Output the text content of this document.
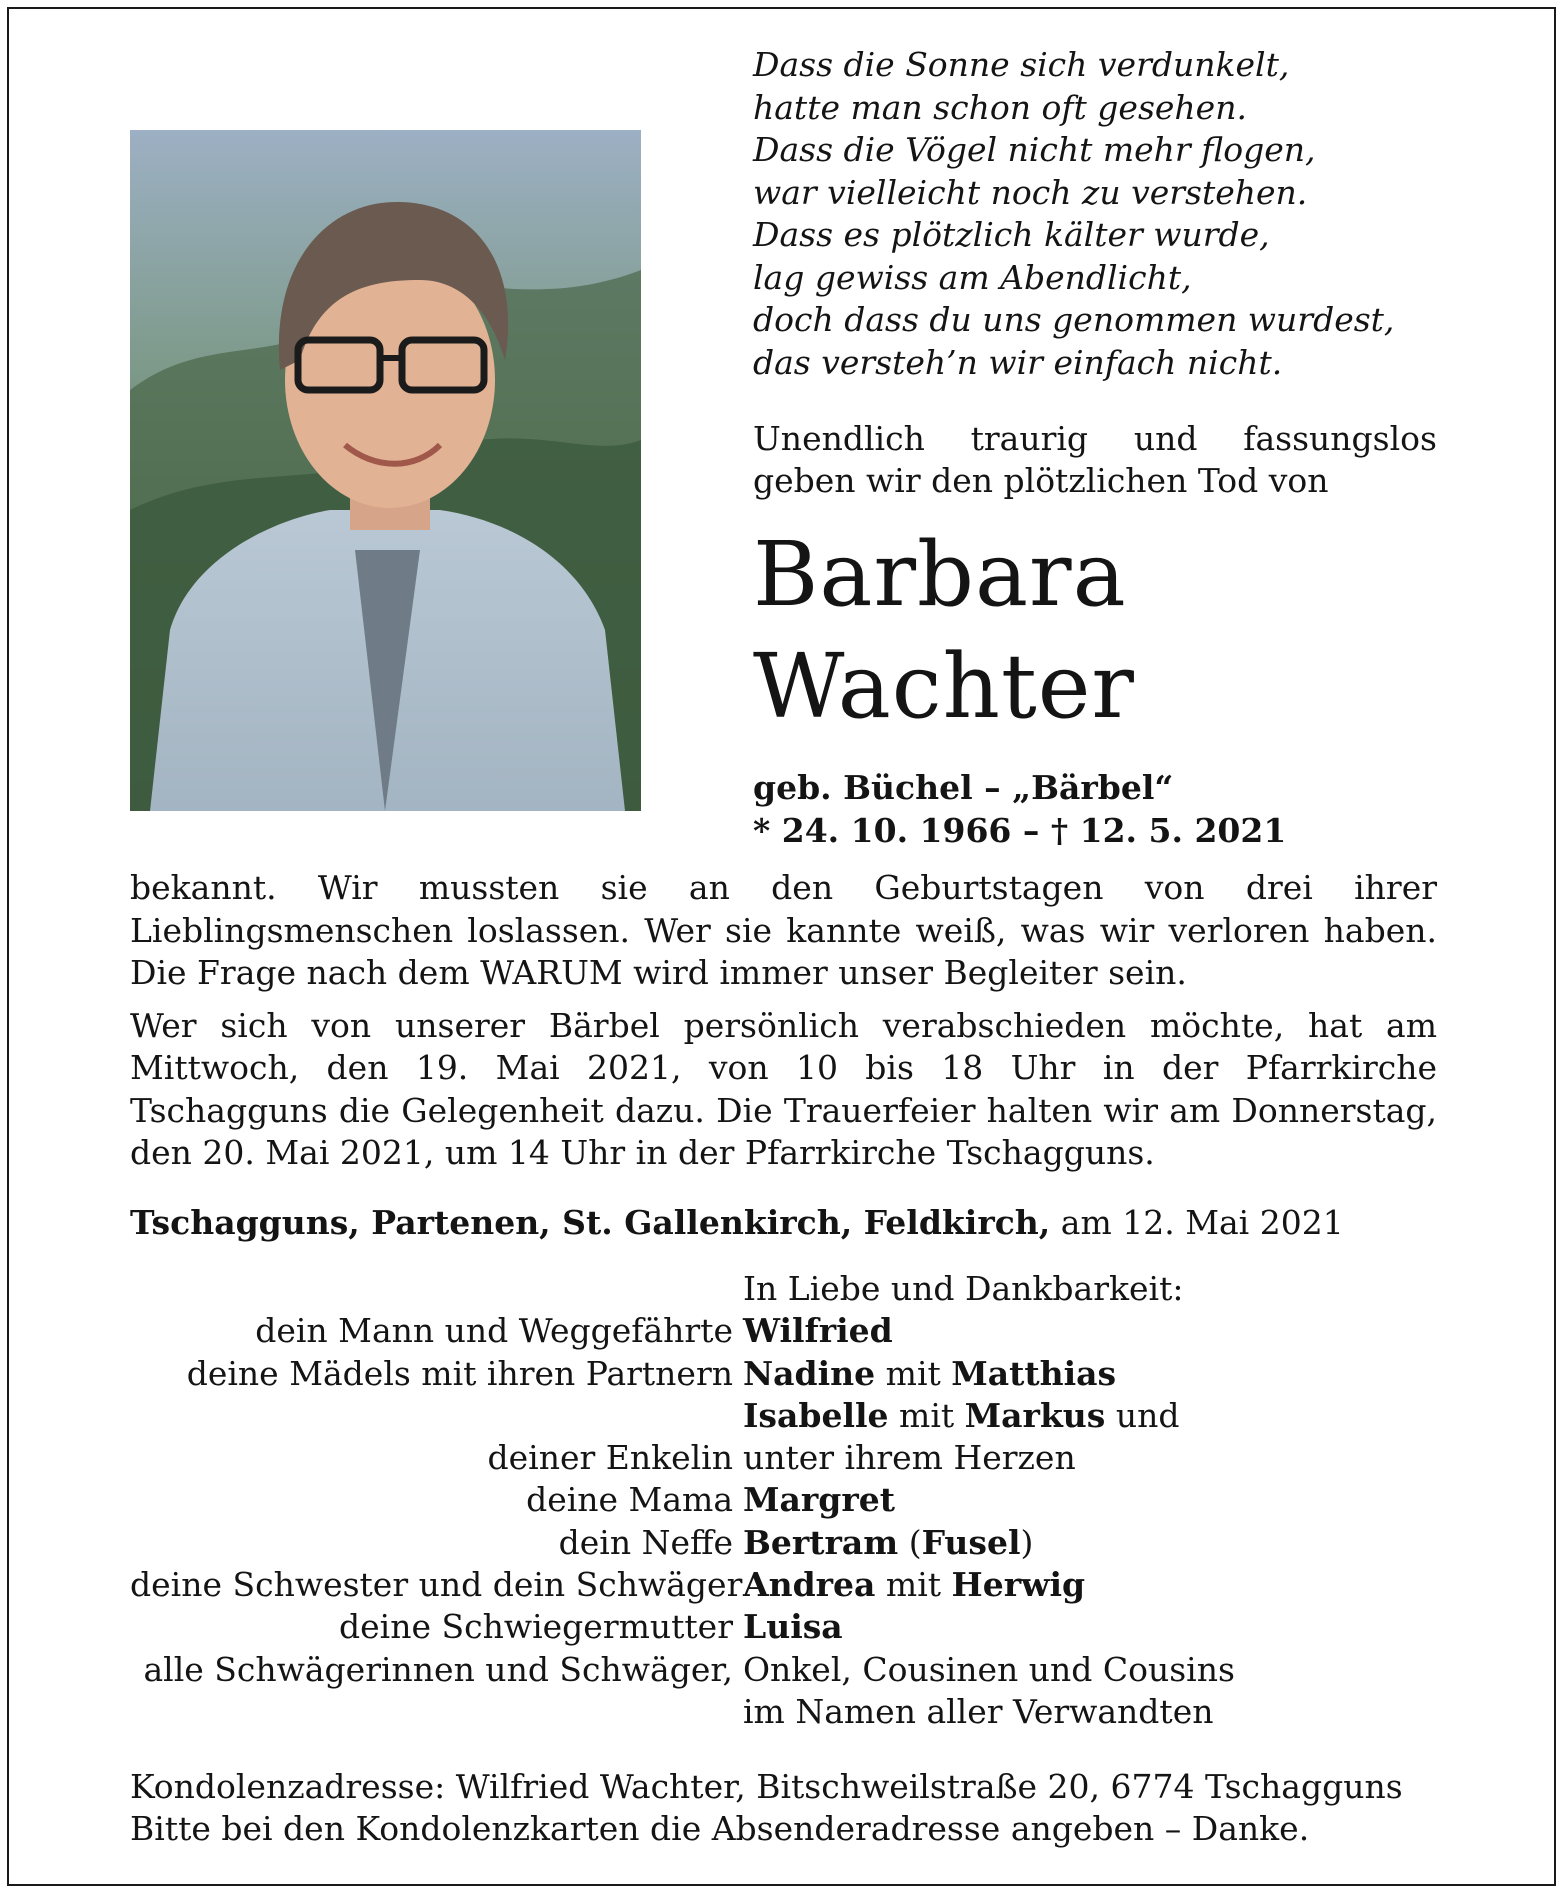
Dass die Sonne sich verdunkelt,
hatte man schon oft gesehen.
Dass die Vögel nicht mehr flogen,
war vielleicht noch zu verstehen.
Dass es plötzlich kälter wurde,
lag gewiss am Abendlicht,
doch dass du uns genommen wurdest,
das versteh’n wir einfach nicht.
Unendlich traurig und fassungslos
geben wir den plötzlichen Tod von
Barbara
Wachter
geb. Büchel – „Bärbel“
* 24. 10. 1966 – † 12. 5. 2021

bekannt. Wir mussten sie an den Geburtstagen von drei ihrer Lieblingsmenschen loslassen. Wer sie kannte weiß, was wir verloren haben. Die Frage nach dem WARUM wird immer unser Begleiter sein.

Wer sich von unserer Bärbel persönlich verabschieden möchte, hat am Mittwoch, den 19. Mai 2021, von 10 bis 18 Uhr in der Pfarrkirche Tschagguns die Gelegenheit dazu. Die Trauerfeier halten wir am Donnerstag, den 20. Mai 2021, um 14 Uhr in der Pfarrkirche Tschagguns.

Tschagguns, Partenen, St. Gallenkirch, Feldkirch, am 12. Mai 2021
In Liebe und Dankbarkeit:
dein Mann und Weggefährte Wilfried
deine Mädels mit ihren Partnern Nadine mit Matthias
Isabelle mit Markus und
deiner Enkelin unter ihrem Herzen
deine Mama Margret
dein Neffe Bertram (Fusel)
deine Schwester und dein Schwäger Andrea mit Herwig
deine Schwiegermutter Luisa
alle Schwägerinnen und Schwäger, Onkel, Cousinen und Cousins
im Namen aller Verwandten
Kondolenzadresse: Wilfried Wachter, Bitschweilstraße 20, 6774 Tschagguns
Bitte bei den Kondolenzkarten die Absenderadresse angeben – Danke.
